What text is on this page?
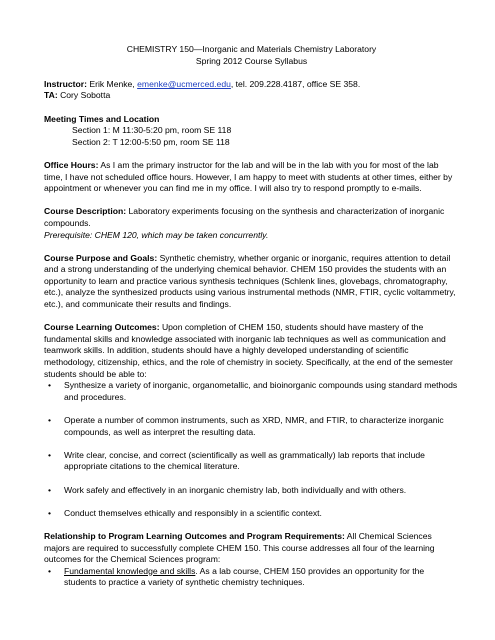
CHEMISTRY 150—Inorganic and Materials Chemistry Laboratory

Spring 2012 Course Syllabus

Instructor: Erik Menke, emenke@ucmerced.edu, tel. 209.228.4187, office SE 358.

TA: Cory Sobotta

Meeting Times and Location

Section 1: M 11:30-5:20 pm, room SE 118

Section 2: T 12:00-5:50 pm, room SE 118

Office Hours: As I am the primary instructor for the lab and will be in the lab with you for most of the lab time, I have not scheduled office hours. However, I am happy to meet with students at other times, either by appointment or whenever you can find me in my office. I will also try to respond promptly to e-mails.

Course Description: Laboratory experiments focusing on the synthesis and characterization of inorganic compounds.

Prerequisite: CHEM 120, which may be taken concurrently.

Course Purpose and Goals: Synthetic chemistry, whether organic or inorganic, requires attention to detail and a strong understanding of the underlying chemical behavior. CHEM 150 provides the students with an opportunity to learn and practice various synthesis techniques (Schlenk lines, glovebags, chromatography, etc.), analyze the synthesized products using various instrumental methods (NMR, FTIR, cyclic voltammetry, etc.), and communicate their results and findings.

Course Learning Outcomes: Upon completion of CHEM 150, students should have mastery of the fundamental skills and knowledge associated with inorganic lab techniques as well as communication and teamwork skills. In addition, students should have a highly developed understanding of scientific methodology, citizenship, ethics, and the role of chemistry in society. Specifically, at the end of the semester students should be able to:

• Synthesize a variety of inorganic, organometallic, and bioinorganic compounds using standard methods and procedures.
• Operate a number of common instruments, such as XRD, NMR, and FTIR, to characterize inorganic compounds, as well as interpret the resulting data.
• Write clear, concise, and correct (scientifically as well as grammatically) lab reports that include appropriate citations to the chemical literature.
• Work safely and effectively in an inorganic chemistry lab, both individually and with others.
• Conduct themselves ethically and responsibly in a scientific context.

Relationship to Program Learning Outcomes and Program Requirements: All Chemical Sciences majors are required to successfully complete CHEM 150. This course addresses all four of the learning outcomes for the Chemical Sciences program:

• Fundamental knowledge and skills. As a lab course, CHEM 150 provides an opportunity for the students to practice a variety of synthetic chemistry techniques.
